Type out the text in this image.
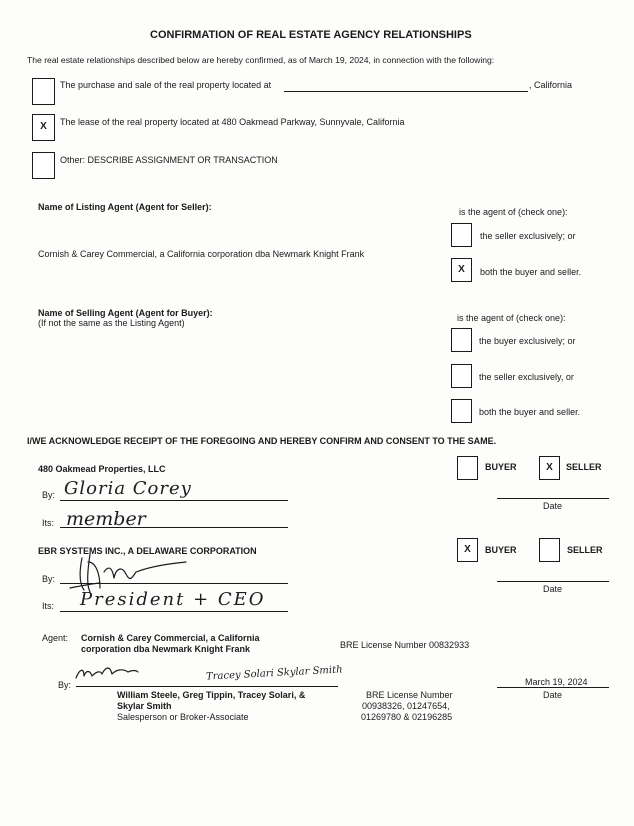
CONFIRMATION OF REAL ESTATE AGENCY RELATIONSHIPS
The real estate relationships described below are hereby confirmed, as of March 19, 2024, in connection with the following:
The purchase and sale of the real property located at	, California
X	The lease of the real property located at 480 Oakmead Parkway, Sunnyvale, California
Other: DESCRIBE ASSIGNMENT OR TRANSACTION
Name of Listing Agent (Agent for Seller):	is the agent of (check one):
the seller exclusively; or
Cornish & Carey Commercial, a California corporation dba Newmark Knight Frank
X	both the buyer and seller.
Name of Selling Agent (Agent for Buyer):
(If not the same as the Listing Agent)	is the agent of (check one):
the buyer exclusively; or
the seller exclusively, or
both the buyer and seller.
I/WE ACKNOWLEDGE RECEIPT OF THE FOREGOING AND HEREBY CONFIRM AND CONSENT TO THE SAME.
480 Oakmead Properties, LLC	BUYER	X	SELLER
By: Gloria Corey
Date
Its: member
EBR SYSTEMS INC., A DELAWARE CORPORATION	X	BUYER	SELLER
By:
Date
Its: President + CEO
Agent: Cornish & Carey Commercial, a California
corporation dba Newmark Knight Frank	BRE License Number 00832933
By:
Tracey Solari Skylar Smith
William Steele, Greg Tippin, Tracey Solari, &
Skylar Smith
Salesperson or Broker-Associate
BRE License Number
00938326, 01247654,
01269780 & 02196285
March 19, 2024
Date
